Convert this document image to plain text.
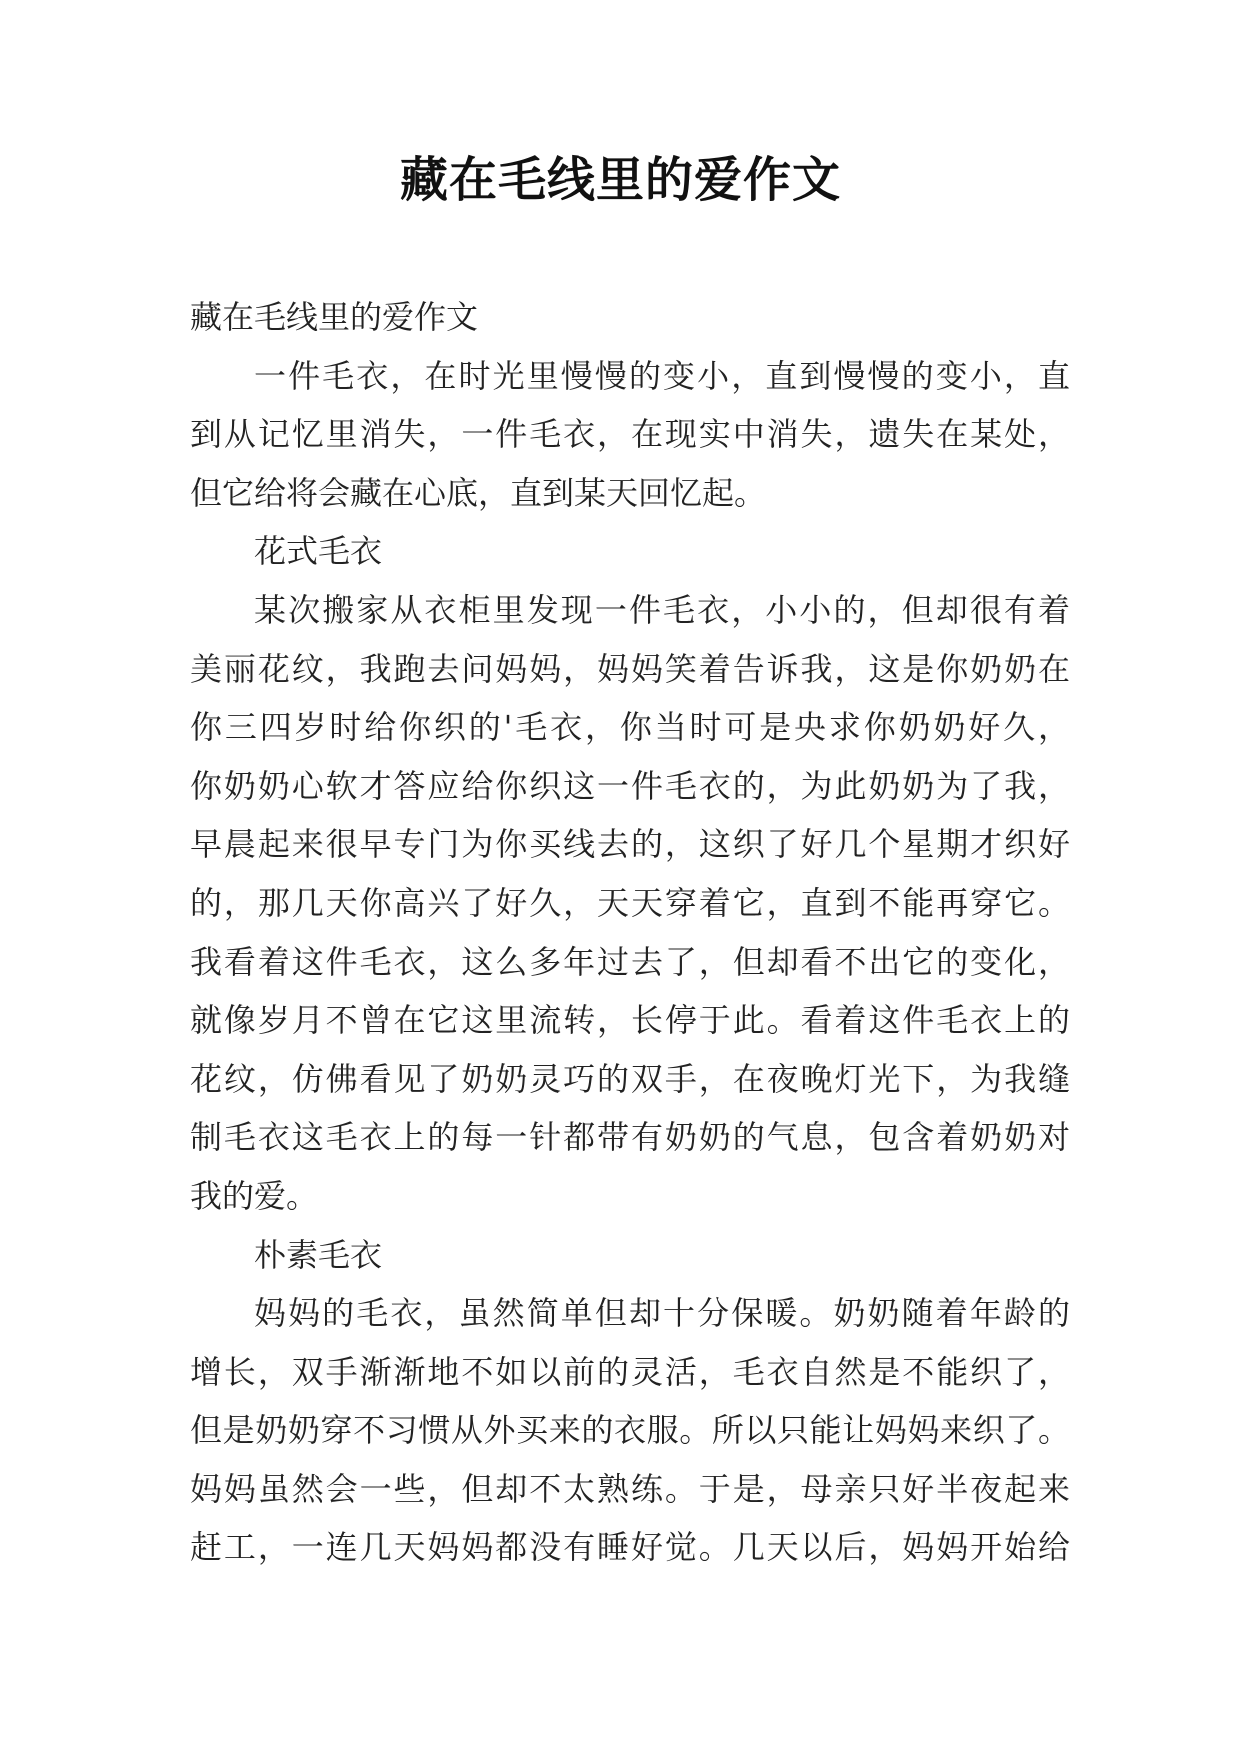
藏在毛线里的爱作文
藏在毛线里的爱作文
一件毛衣，在时光里慢慢的变小，直到慢慢的变小，直
到从记忆里消失，一件毛衣，在现实中消失，遗失在某处，
但它给将会藏在心底，直到某天回忆起。
花式毛衣
某次搬家从衣柜里发现一件毛衣，小小的，但却很有着
美丽花纹，我跑去问妈妈，妈妈笑着告诉我，这是你奶奶在
你三四岁时给你织的'毛衣，你当时可是央求你奶奶好久，
你奶奶心软才答应给你织这一件毛衣的，为此奶奶为了我，
早晨起来很早专门为你买线去的，这织了好几个星期才织好
的，那几天你高兴了好久，天天穿着它，直到不能再穿它。
我看着这件毛衣，这么多年过去了，但却看不出它的变化，
就像岁月不曾在它这里流转，长停于此。看着这件毛衣上的
花纹，仿佛看见了奶奶灵巧的双手，在夜晚灯光下，为我缝
制毛衣这毛衣上的每一针都带有奶奶的气息，包含着奶奶对
我的爱。
朴素毛衣
妈妈的毛衣，虽然简单但却十分保暖。奶奶随着年龄的
增长，双手渐渐地不如以前的灵活，毛衣自然是不能织了，
但是奶奶穿不习惯从外买来的衣服。所以只能让妈妈来织了。
妈妈虽然会一些，但却不太熟练。于是，母亲只好半夜起来
赶工，一连几天妈妈都没有睡好觉。几天以后，妈妈开始给
